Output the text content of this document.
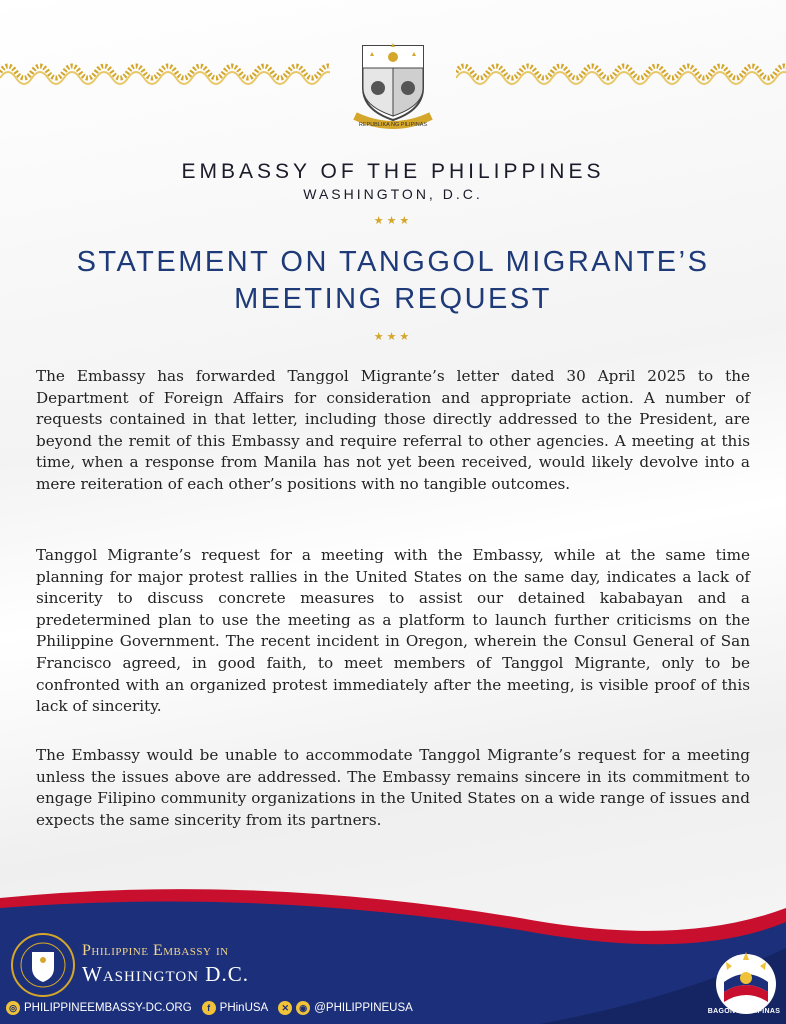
REPUBLIKA NG PILIPINAS
EMBASSY OF THE PHILIPPINES
WASHINGTON, D.C.
★★★
STATEMENT ON TANGGOL MIGRANTE’S
MEETING REQUEST
★★★
The Embassy has forwarded Tanggol Migrante’s letter dated 30 April 2025 to the Department of Foreign Affairs for consideration and appropriate action. A number of requests contained in that letter, including those directly addressed to the President, are beyond the remit of this Embassy and require referral to other agencies. A meeting at this time, when a response from Manila has not yet been received, would likely devolve into a mere reiteration of each other’s positions with no tangible outcomes.
Tanggol Migrante’s request for a meeting with the Embassy, while at the same time planning for major protest rallies in the United States on the same day, indicates a lack of sincerity to discuss concrete measures to assist our detained kababayan and a predetermined plan to use the meeting as a platform to launch further criticisms on the Philippine Government. The recent incident in Oregon, wherein the Consul General of San Francisco agreed, in good faith, to meet members of Tanggol Migrante, only to be confronted with an organized protest immediately after the meeting, is visible proof of this lack of sincerity.
The Embassy would be unable to accommodate Tanggol Migrante’s request for a meeting unless the issues above are addressed. The Embassy remains sincere in its commitment to engage Filipino community organizations in the United States on a wide range of issues and expects the same sincerity from its partners.
Philippine Embassy in
Washington D.C.
◎ PHILIPPINEEMBASSY-DC.ORG	f PHinUSA	✕	◉ @PHILIPPINEUSA	BAGONG PILIPINAS
